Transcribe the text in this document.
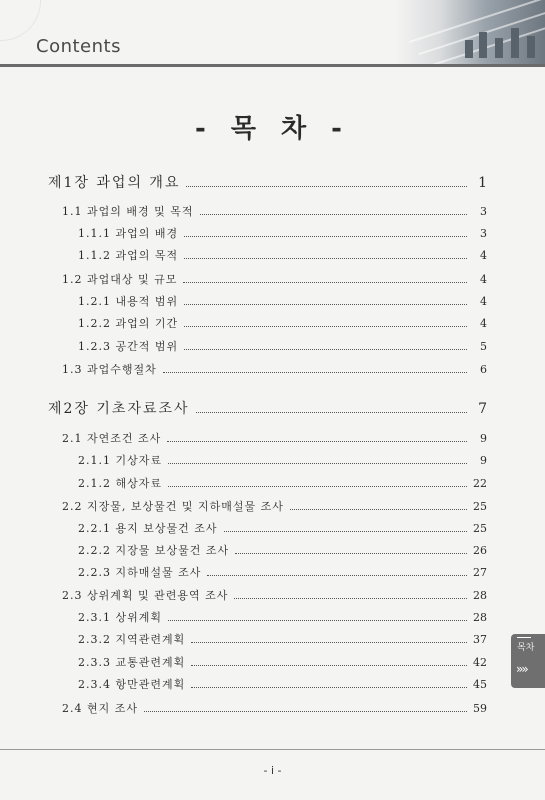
Contents
- 목 차 -
제1장 과업의 개요	1
1.1 과업의 배경 및 목적	3
1.1.1 과업의 배경	3
1.1.2 과업의 목적	4
1.2 과업대상 및 규모	4
1.2.1 내용적 범위	4
1.2.2 과업의 기간	4
1.2.3 공간적 범위	5
1.3 과업수행절차	6
제2장 기초자료조사	7
2.1 자연조건 조사	9
2.1.1 기상자료	9
2.1.2 해상자료	22
2.2 지장물, 보상물건 및 지하매설물 조사	25
2.2.1 용지 보상물건 조사	25
2.2.2 지장물 보상물건 조사	26
2.2.3 지하매설물 조사	27
2.3 상위계획 및 관련용역 조사	28
2.3.1 상위계획	28
2.3.2 지역관련계획	37
2.3.3 교통관련계획	42
2.3.4 항만관련계획	45
2.4 현지 조사	59
목차
»»
- i -
